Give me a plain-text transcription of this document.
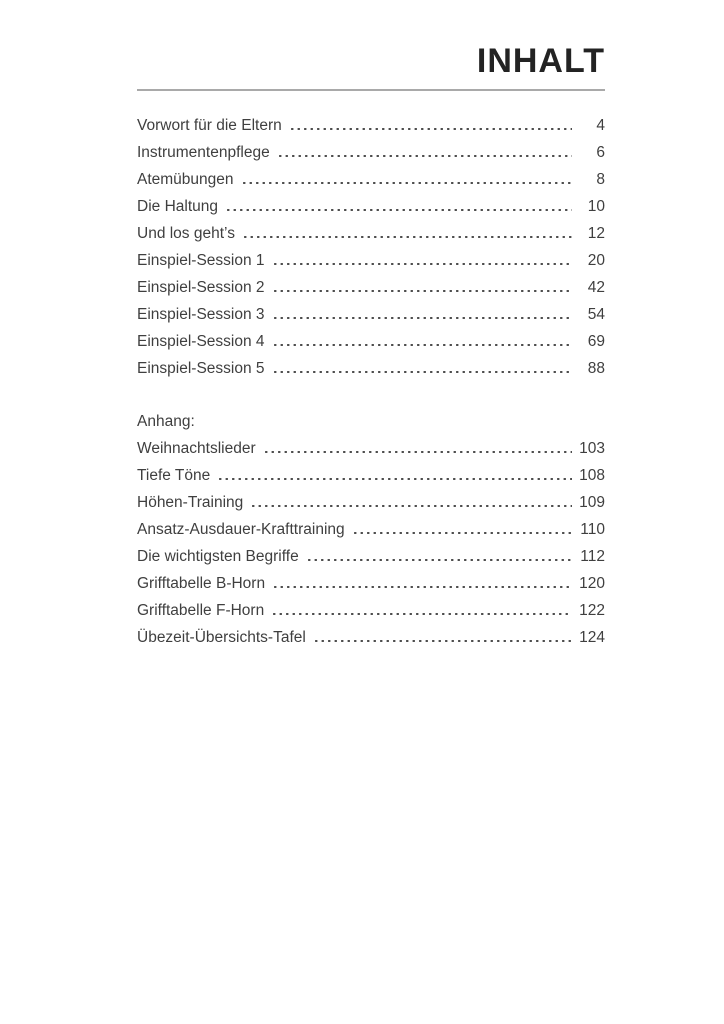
INHALT
Vorwort für die Eltern	4
Instrumentenpflege	6
Atemübungen	8
Die Haltung	10
Und los geht’s	12
Einspiel-Session 1	20
Einspiel-Session 2	42
Einspiel-Session 3	54
Einspiel-Session 4	69
Einspiel-Session 5	88
Anhang:
Weihnachtslieder	103
Tiefe Töne	108
Höhen-Training	109
Ansatz-Ausdauer-Krafttraining	110
Die wichtigsten Begriffe	112
Grifftabelle B-Horn	120
Grifftabelle F-Horn	122
Übezeit-Übersichts-Tafel	124
